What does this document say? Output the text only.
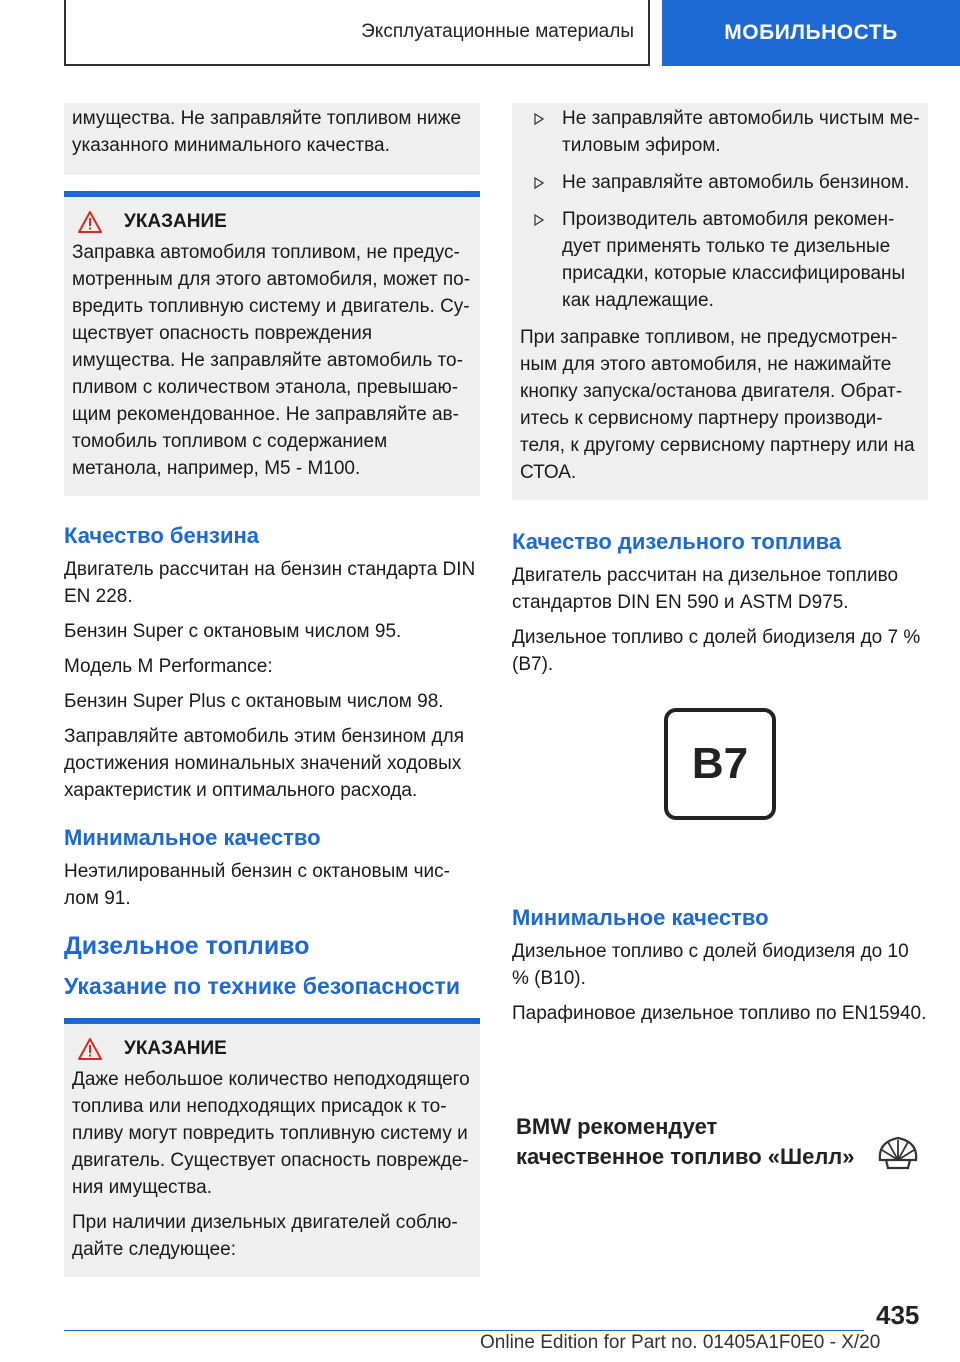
Эксплуатационные материалы	МОБИЛЬНОСТЬ
имущества. Не заправляйте топливом ниже указанного минимального качества.
УКАЗАНИЕ
Заправка автомобиля топливом, не предус-мотренным для этого автомобиля, может по-вредить топливную систему и двигатель. Су-ществует опасность повреждения имущества. Не заправляйте автомобиль то-пливом с количеством этанола, превышаю-щим рекомендованное. Не заправляйте ав-томобиль топливом с содержанием метанола, например, M5 - M100.
Качество бензина

Двигатель рассчитан на бензин стандарта DIN EN 228.

Бензин Super с октановым числом 95.

Модель M Performance:

Бензин Super Plus с октановым числом 98.

Заправляйте автомобиль этим бензином для достижения номинальных значений ходовых характеристик и оптимального расхода.

Минимальное качество

Неэтилированный бензин с октановым чис-лом 91.

Дизельное топливо
Указание по технике безопасности
УКАЗАНИЕ

Даже небольшое количество неподходящего топлива или неподходящих присадок к то-пливу могут повредить топливную систему и двигатель. Существует опасность поврежде-ния имущества.

При наличии дизельных двигателей соблю-дайте следующее:

Не заправляйте автомобиль чистым ме-тиловым эфиром.
Не заправляйте автомобиль бензином.
Производитель автомобиля рекомен-дует применять только те дизельные присадки, которые классифицированы как надлежащие.
При заправке топливом, не предусмотрен-ным для этого автомобиля, не нажимайте кнопку запуска/останова двигателя. Обрат-итесь к сервисному партнеру производи-теля, к другому сервисному партнеру или на СТОА.
Качество дизельного топлива

Двигатель рассчитан на дизельное топливо стандартов DIN EN 590 и ASTM D975.

Дизельное топливо с долей биодизеля до 7 % (B7).

B7
Минимальное качество

Дизельное топливо с долей биодизеля до 10 % (B10).

Парафиновое дизельное топливо по EN15940.

BMW рекомендует
качественное топливо «Шелл»
435
Online Edition for Part no. 01405A1F0E0 - X/20
